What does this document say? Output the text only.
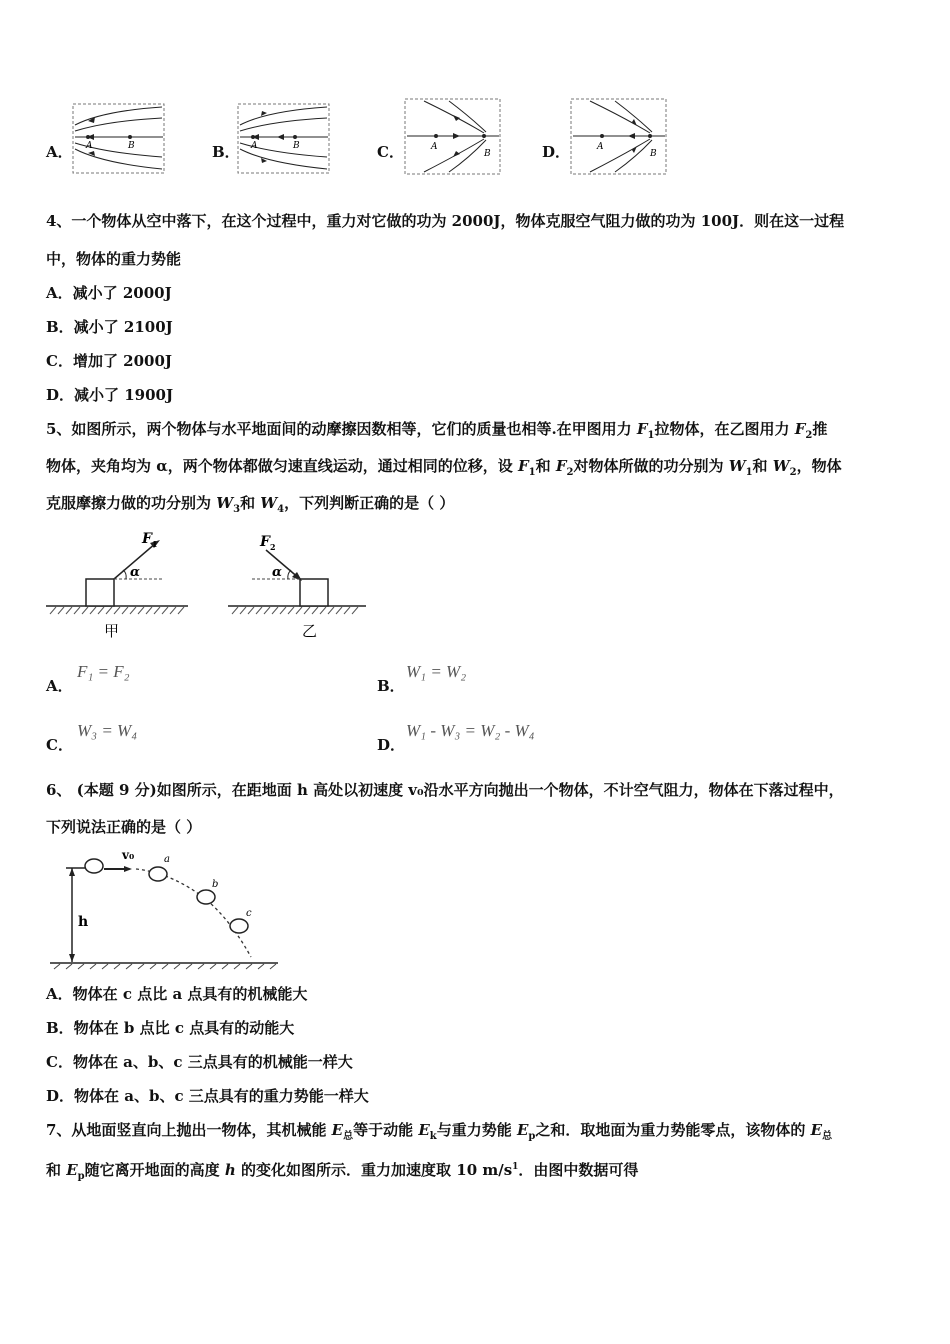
A． A	B	B． A	B	C．	A
B	D．	A
B
4、一个物体从空中落下，在这个过程中，重力对它做的功为 2000J，物体克服空气阻力做的功为 100J．则在这一过程
中，物体的重力势能
A．减小了 2000J
B．减小了 2100J
C．增加了 2000J
D．减小了 1900J
5、如图所示，两个物体与水平地面间的动摩擦因数相等，它们的质量也相等.在甲图用力 $F_1$拉物体，在乙图用力 $F_2$推
物体，夹角均为 α，两个物体都做匀速直线运动，通过相同的位移，设 $F_1$和 $F_2$对物体所做的功分别为 $W_1$和 $W_2$，物体
克服摩擦力做的功分别为 $W_3$和 $W_4$，下列判断正确的是（ ）
F 1
α
甲
F 2
α
乙
A．
F₁ = F₂
B．
W₁ = W₂
C．
W₃ = W₄
D．
W₁ - W₃ = W₂ - W₄
6、 (本题 9 分)如图所示，在距地面 h 高处以初速度 v₀沿水平方向抛出一个物体，不计空气阻力，物体在下落过程中，
下列说法正确的是（ ）
v₀	a
b
c
h
A．物体在 c 点比 a 点具有的机械能大
B．物体在 b 点比 c 点具有的动能大
C．物体在 a、b、c 三点具有的机械能一样大
D．物体在 a、b、c 三点具有的重力势能一样大
7、从地面竖直向上抛出一物体，其机械能 $E_总$等于动能 $E_k$与重力势能 $E_p$之和．取地面为重力势能零点，该物体的 $E_总$
和 $E_p$随它离开地面的高度 h 的变化如图所示．重力加速度取 10 $m/s^1$．由图中数据可得
